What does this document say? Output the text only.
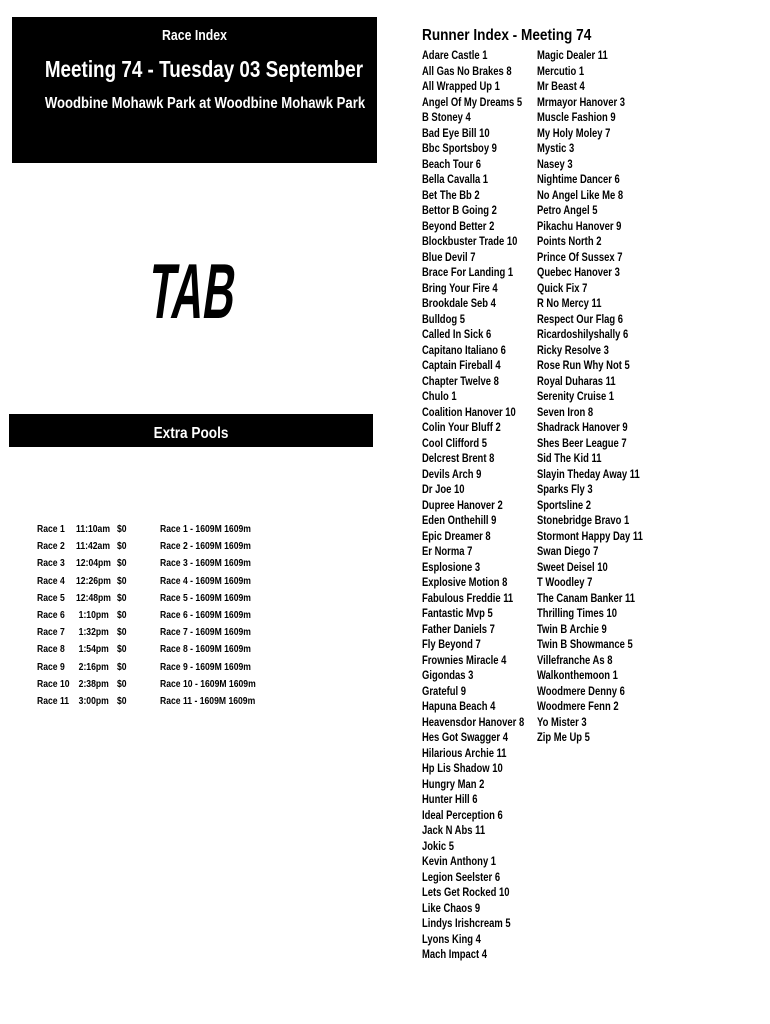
Race Index
Meeting 74 - Tuesday 03 September
Woodbine Mohawk Park at Woodbine Mohawk Park
TAB
Extra Pools
Race 1 11:10am $0	Race 1 - 1609M 1609m
Race 2 11:42am $0	Race 2 - 1609M 1609m
Race 3 12:04pm $0	Race 3 - 1609M 1609m
Race 4 12:26pm $0	Race 4 - 1609M 1609m
Race 5 12:48pm $0	Race 5 - 1609M 1609m
Race 6 1:10pm $0	Race 6 - 1609M 1609m
Race 7 1:32pm $0	Race 7 - 1609M 1609m
Race 8 1:54pm $0	Race 8 - 1609M 1609m
Race 9 2:16pm $0	Race 9 - 1609M 1609m
Race 10 2:38pm $0	Race 10 - 1609M 1609m
Race 11 3:00pm $0	Race 11 - 1609M 1609m
Runner Index - Meeting 74
Adare Castle 1
All Gas No Brakes 8
All Wrapped Up 1
Angel Of My Dreams 5
B Stoney 4
Bad Eye Bill 10
Bbc Sportsboy 9
Beach Tour 6
Bella Cavalla 1
Bet The Bb 2
Bettor B Going 2
Beyond Better 2
Blockbuster Trade 10
Blue Devil 7
Brace For Landing 1
Bring Your Fire 4
Brookdale Seb 4
Bulldog 5
Called In Sick 6
Capitano Italiano 6
Captain Fireball 4
Chapter Twelve 8
Chulo 1
Coalition Hanover 10
Colin Your Bluff 2
Cool Clifford 5
Delcrest Brent 8
Devils Arch 9
Dr Joe 10
Dupree Hanover 2
Eden Onthehill 9
Epic Dreamer 8
Er Norma 7
Esplosione 3
Explosive Motion 8
Fabulous Freddie 11
Fantastic Mvp 5
Father Daniels 7
Fly Beyond 7
Frownies Miracle 4
Gigondas 3
Grateful 9
Hapuna Beach 4
Heavensdor Hanover 8
Hes Got Swagger 4
Hilarious Archie 11
Hp Lis Shadow 10
Hungry Man 2
Hunter Hill 6
Ideal Perception 6
Jack N Abs 11
Jokic 5
Kevin Anthony 1
Legion Seelster 6
Lets Get Rocked 10
Like Chaos 9
Lindys Irishcream 5
Lyons King 4
Mach Impact 4
Magic Dealer 11
Mercutio 1
Mr Beast 4
Mrmayor Hanover 3
Muscle Fashion 9
My Holy Moley 7
Mystic 3
Nasey 3
Nightime Dancer 6
No Angel Like Me 8
Petro Angel 5
Pikachu Hanover 9
Points North 2
Prince Of Sussex 7
Quebec Hanover 3
Quick Fix 7
R No Mercy 11
Respect Our Flag 6
Ricardoshilyshally 6
Ricky Resolve 3
Rose Run Why Not 5
Royal Duharas 11
Serenity Cruise 1
Seven Iron 8
Shadrack Hanover 9
Shes Beer League 7
Sid The Kid 11
Slayin Theday Away 11
Sparks Fly 3
Sportsline 2
Stonebridge Bravo 1
Stormont Happy Day 11
Swan Diego 7
Sweet Deisel 10
T Woodley 7
The Canam Banker 11
Thrilling Times 10
Twin B Archie 9
Twin B Showmance 5
Villefranche As 8
Walkonthemoon 1
Woodmere Denny 6
Woodmere Fenn 2
Yo Mister 3
Zip Me Up 5
